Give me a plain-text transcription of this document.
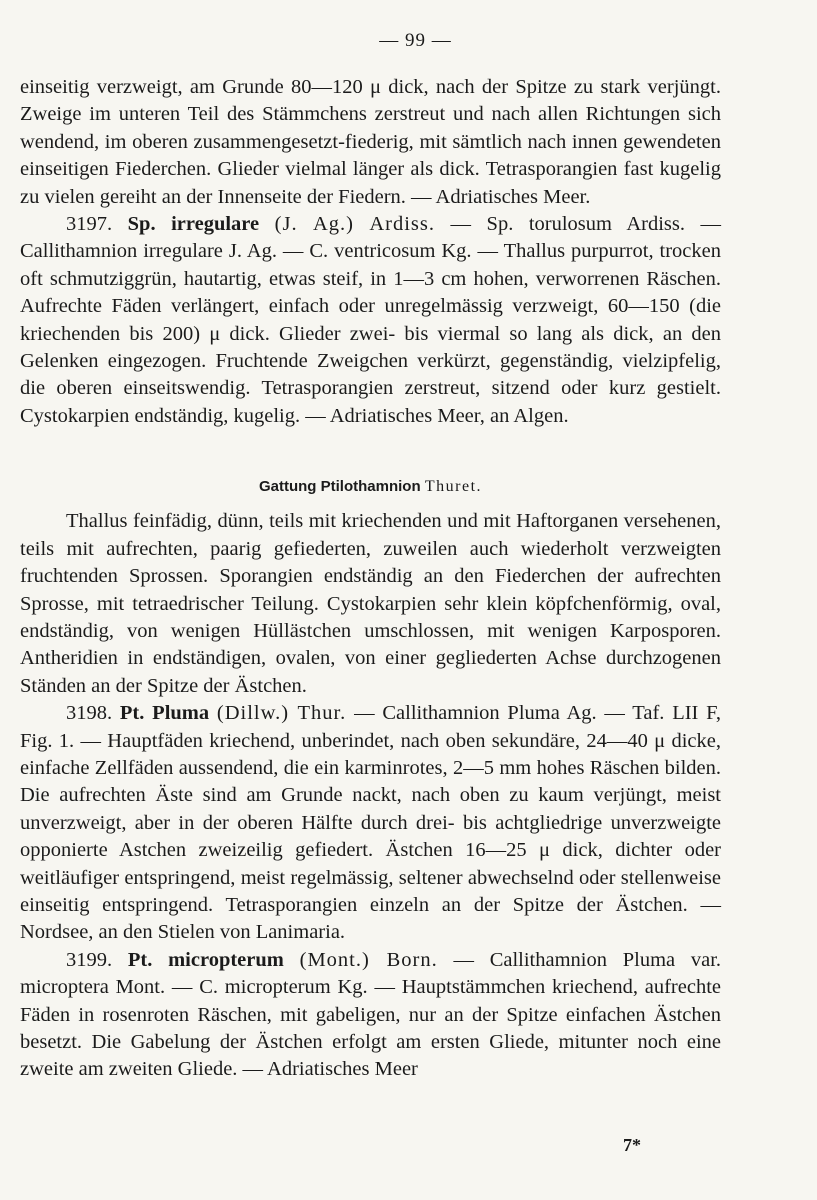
— 99 —

einseitig verzweigt, am Grunde 80—120 μ dick, nach der Spitze zu stark verjüngt. Zweige im unteren Teil des Stämmchens zerstreut und nach allen Richtungen sich wendend, im oberen zusammengesetzt-fiederig, mit sämtlich nach innen gewendeten einseitigen Fiederchen. Glieder vielmal länger als dick. Tetrasporangien fast kugelig zu vielen gereiht an der Innenseite der Fiedern. — Adriatisches Meer.

3197. Sp. irregulare (J. Ag.) Ardiss. — Sp. torulosum Ardiss. — Callithamnion irregulare J. Ag. — C. ventricosum Kg. — Thallus purpurrot, trocken oft schmutziggrün, hautartig, etwas steif, in 1—3 cm hohen, verworrenen Räschen. Aufrechte Fäden verlängert, einfach oder unregelmässig verzweigt, 60—150 (die kriechenden bis 200) μ dick. Glieder zwei- bis viermal so lang als dick, an den Gelenken eingezogen. Fruchtende Zweigchen verkürzt, gegenständig, vielzipfelig, die oberen einseitswendig. Tetrasporangien zerstreut, sitzend oder kurz gestielt. Cystokarpien endständig, kugelig. — Adriatisches Meer, an Algen.

Gattung Ptilothamnion Thuret.

Thallus feinfädig, dünn, teils mit kriechenden und mit Haftorganen versehenen, teils mit aufrechten, paarig gefiederten, zuweilen auch wiederholt verzweigten fruchtenden Sprossen. Sporangien endständig an den Fiederchen der aufrechten Sprosse, mit tetraedrischer Teilung. Cystokarpien sehr klein köpfchenförmig, oval, endständig, von wenigen Hüllästchen umschlossen, mit wenigen Karposporen. Antheridien in endständigen, ovalen, von einer gegliederten Achse durchzogenen Ständen an der Spitze der Ästchen.

3198. Pt. Pluma (Dillw.) Thur. — Callithamnion Pluma Ag. — Taf. LII F, Fig. 1. — Hauptfäden kriechend, unberindet, nach oben sekundäre, 24—40 μ dicke, einfache Zellfäden aussendend, die ein karminrotes, 2—5 mm hohes Räschen bilden. Die aufrechten Äste sind am Grunde nackt, nach oben zu kaum verjüngt, meist unverzweigt, aber in der oberen Hälfte durch drei- bis achtgliedrige unverzweigte opponierte Astchen zweizeilig gefiedert. Ästchen 16—25 μ dick, dichter oder weitläufiger entspringend, meist regelmässig, seltener abwechselnd oder stellenweise einseitig entspringend. Tetrasporangien einzeln an der Spitze der Ästchen. — Nordsee, an den Stielen von Lanimaria.

3199. Pt. micropterum (Mont.) Born. — Callithamnion Pluma var. microptera Mont. — C. micropterum Kg. — Hauptstämmchen kriechend, aufrechte Fäden in rosenroten Räschen, mit gabeligen, nur an der Spitze einfachen Ästchen besetzt. Die Gabelung der Ästchen erfolgt am ersten Gliede, mitunter noch eine zweite am zweiten Gliede. — Adriatisches Meer

7*
